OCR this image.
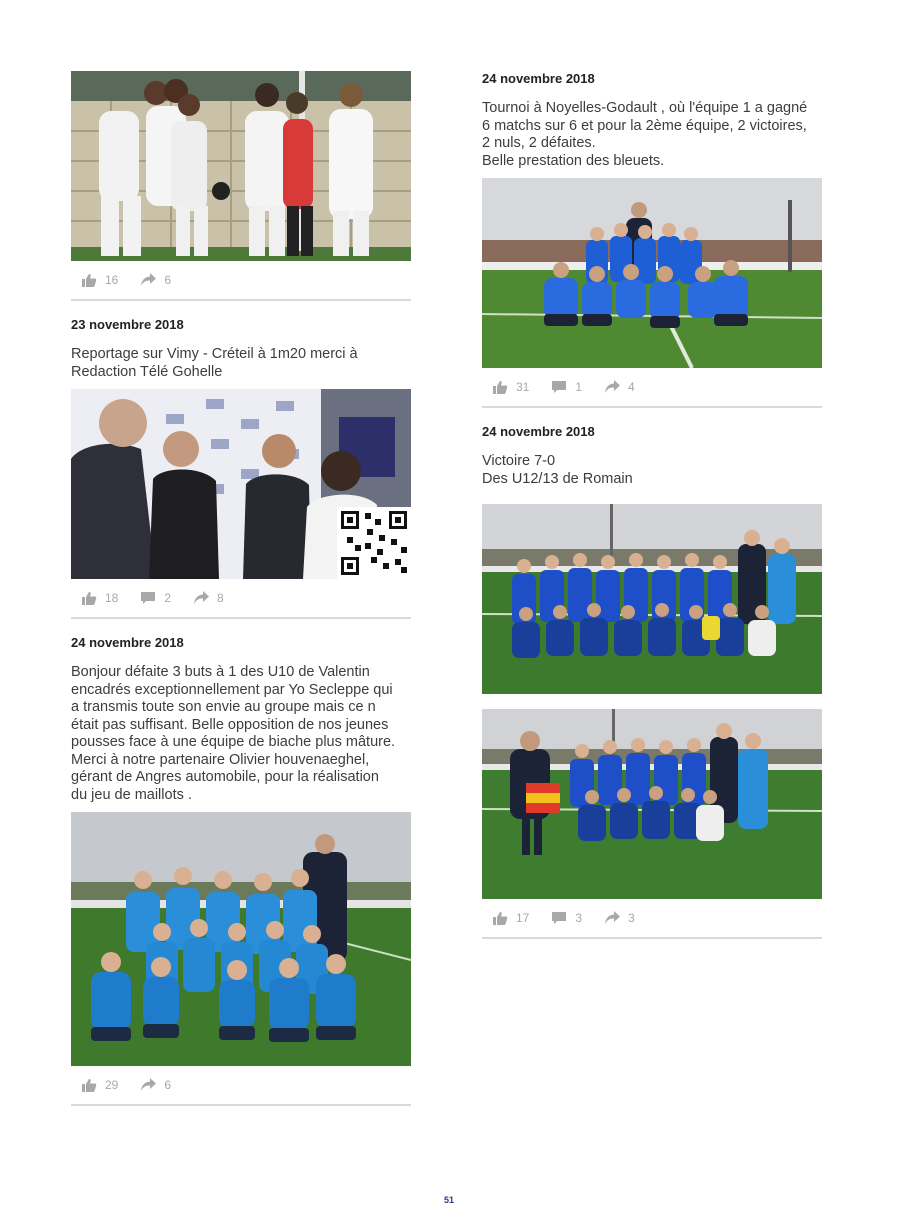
16	6
23 novembre 2018
Reportage sur Vimy - Créteil à 1m20 merci à
Redaction Télé Gohelle
18	2	8
24 novembre 2018
Bonjour défaite 3 buts à 1 des U10 de Valentin
encadrés exceptionnellement par Yo Secleppe qui
a transmis toute son envie au groupe mais ce n
était pas suffisant. Belle opposition de nos jeunes
pousses face à une équipe de biache plus mâture.
Merci à notre partenaire Olivier houvenaeghel,
gérant de Angres automobile, pour la réalisation
du jeu de maillots .
29	6
24 novembre 2018
Tournoi à Noyelles-Godault , où l'équipe 1 a gagné
6 matchs sur 6 et pour la 2ème équipe, 2 victoires,
2 nuls, 2 défaites.
Belle prestation des bleuets.
31	1	4
24 novembre 2018
Victoire 7-0
Des U12/13 de Romain
17	3	3
51
